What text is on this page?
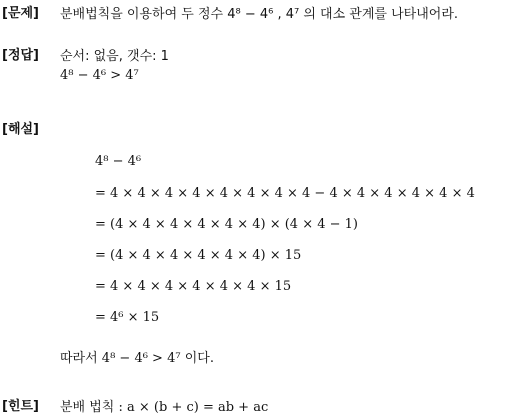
[문제] 분배법칙을 이용하여 두 정수 4⁸ − 4⁶ , 4⁷ 의 대소 관계를 나타내어라.
[정답] 순서: 없음, 갯수: 1
4⁸ − 4⁶ > 4⁷
[해설]
4⁸ − 4⁶
= 4 × 4 × 4 × 4 × 4 × 4 × 4 × 4 − 4 × 4 × 4 × 4 × 4 × 4
= (4 × 4 × 4 × 4 × 4 × 4) × (4 × 4 − 1)
= (4 × 4 × 4 × 4 × 4 × 4) × 15
= 4 × 4 × 4 × 4 × 4 × 4 × 15
= 4⁶ × 15
따라서 4⁸ − 4⁶ > 4⁷ 이다.
[힌트] 분배 법칙 : a × (b + c) = ab + ac
